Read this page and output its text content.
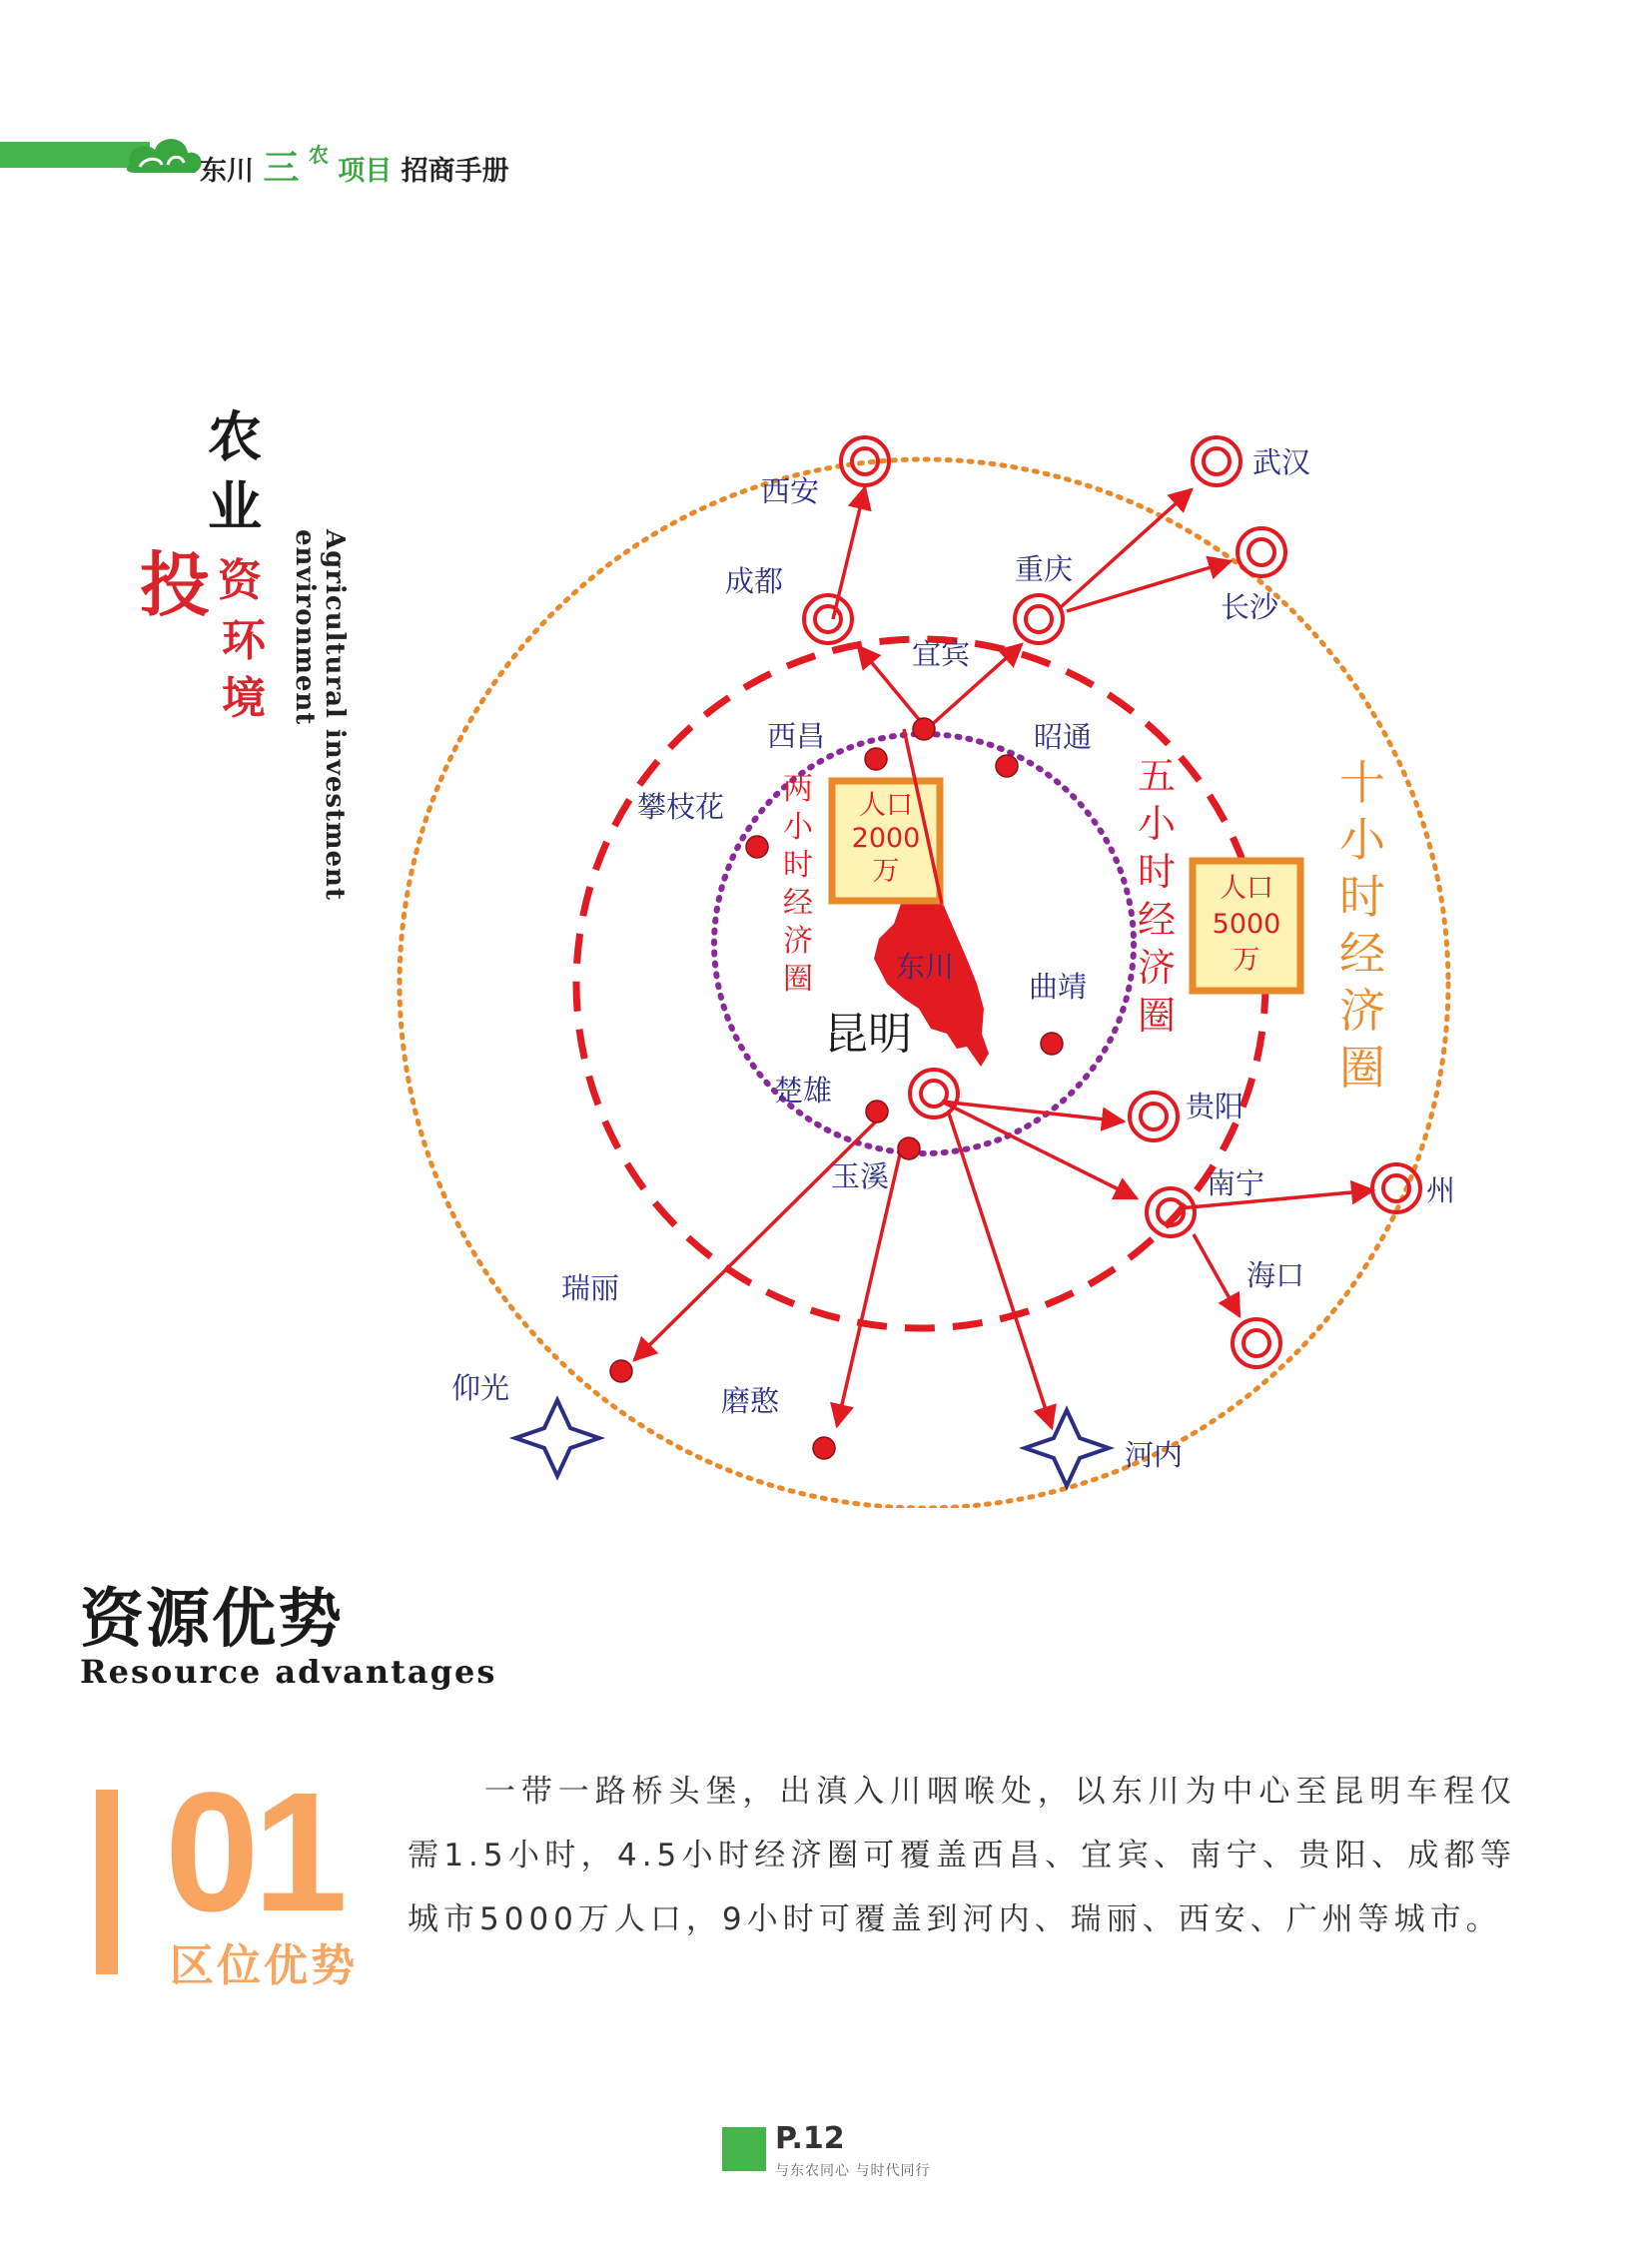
东川 三 $^农$ 项目 招商手册
农
业
投 资
环
境	Agricultural investment environment
西安
武汉
成都	重庆
长沙
宜宾
西昌	昭通
攀枝花
东川
曲靖
楚雄	贵阳
玉溪	南宁	州
海口
瑞丽
仰光	磨憨
河内
昆明
两
小
时
经
济
圈
五
小
时
经
济
圈
十
小
时
经
济
圈
人口
2000
万
人口
5000
万
资源优势
Resource advantages
01
区位优势
一带一路桥头堡，出滇入川咽喉处，以东川为中心至昆明车程仅需1.5小时，4.5小时经济圈可覆盖西昌、宜宾、南宁、贵阳、成都等城市5000万人口，9小时可覆盖到河内、瑞丽、西安、广州等城市。
P.12
与东农同心 与时代同行
